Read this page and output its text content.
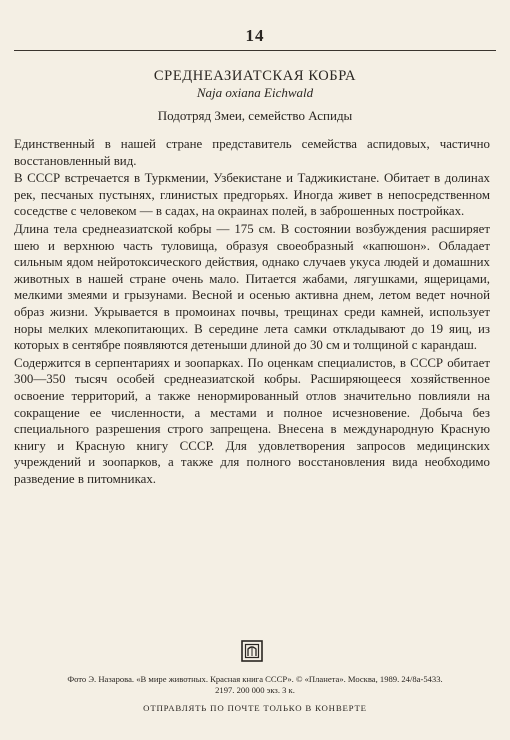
14
СРЕДНЕАЗИАТСКАЯ КОБРА
Naja oxiana Eichwald
Подотряд Змеи, семейство Аспиды

Единственный в нашей стране представитель семейства аспидовых, частично восстановленный вид.

В СССР встречается в Туркмении, Узбекистане и Таджикистане. Обитает в долинах рек, песчаных пустынях, глинистых предгорьях. Иногда живет в непосредственном соседстве с человеком — в садах, на окраинах полей, в заброшенных постройках.

Длина тела среднеазиатской кобры — 175 см. В состоянии возбуждения расширяет шею и верхнюю часть туловища, образуя своеобразный «капюшон». Обладает сильным ядом нейротоксического действия, однако случаев укуса людей и домашних животных в нашей стране очень мало. Питается жабами, лягушками, ящерицами, мелкими змеями и грызунами. Весной и осенью активна днем, летом ведет ночной образ жизни. Укрывается в промоинах почвы, трещинах среди камней, использует норы мелких млекопитающих. В середине лета самки откладывают до 19 яиц, из которых в сентябре появляются детеныши длиной до 30 см и толщиной с карандаш.

Содержится в серпентариях и зоопарках. По оценкам специалистов, в СССР обитает 300—350 тысяч особей среднеазиатской кобры. Расширяющееся хозяйственное освоение территорий, а также ненормированный отлов значительно повлияли на сокращение ее численности, а местами и полное исчезновение. Добыча без специального разрешения строго запрещена. Внесена в международную Красную книгу и Красную книгу СССР. Для удовлетворения запросов медицинских учреждений и зоопарков, а также для полного восстановления вида необходимо разведение в питомниках.

Фото Э. Назарова. «В мире животных. Красная книга СССР». © «Планета». Москва, 1989. 24/8а-5433.
2197. 200 000 экз. 3 к.
ОТПРАВЛЯТЬ ПО ПОЧТЕ ТОЛЬКО В КОНВЕРТЕ
